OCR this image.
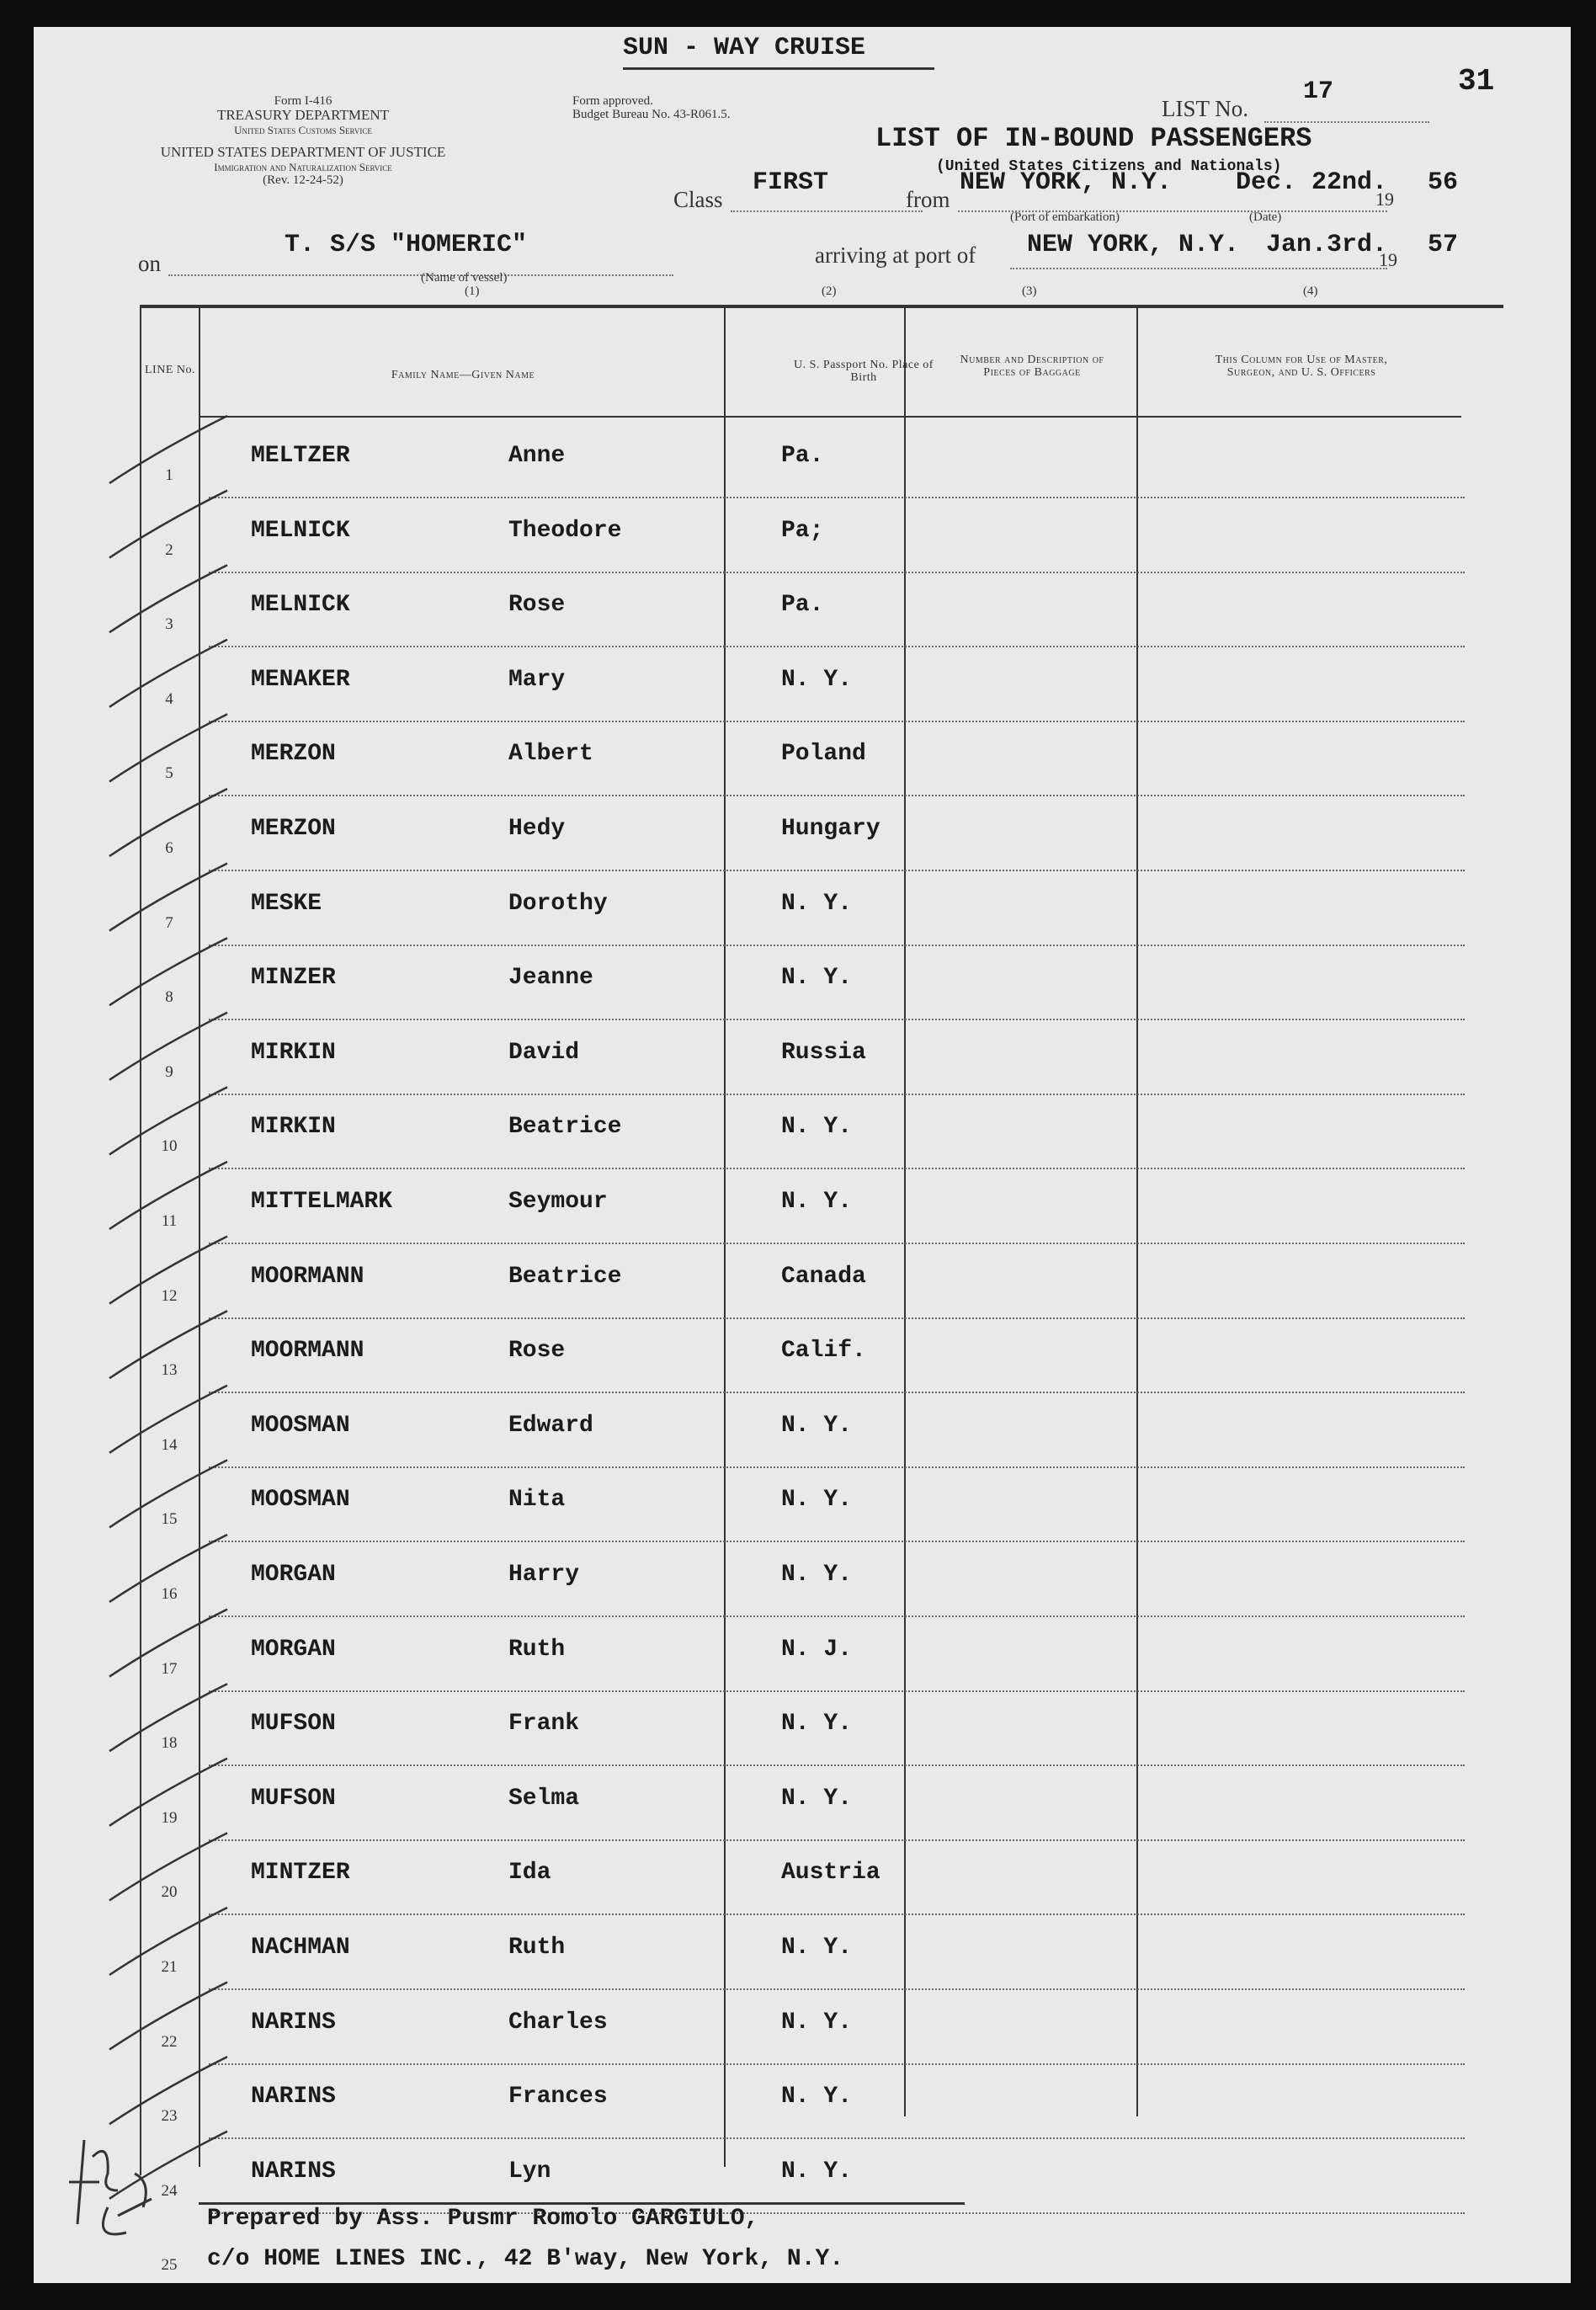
SUN - WAY CRUISE
31
Form I-416
TREASURY DEPARTMENT
United States Customs Service
UNITED STATES DEPARTMENT OF JUSTICE
Immigration and Naturalization Service
(Rev. 12-24-52)
Form approved.
Budget Bureau No. 43-R061.5.	LIST No.
17
LIST OF IN-BOUND PASSENGERS
(United States Citizens and Nationals)
Class
FIRST
from
NEW YORK, N.Y.	Dec. 22nd.
19
56
(Port of embarkation)	(Date)
on
T. S/S "HOMERIC"	arriving at port of NEW YORK, N.Y. Jan.3rd.
19
57
(Name of vessel)
(1)	(2)	(3)	(4)
LINE No.	Family Name—Given Name
U. S. Passport No. Place of Birth
Number and Description of Pieces of Baggage
This Column for Use of Master, Surgeon, and U. S. Officers
1
MELTZER	Anne	Pa.
2
MELNICK	Theodore	Pa;
3
MELNICK	Rose	Pa.
4
MENAKER	Mary	N. Y.
5
MERZON	Albert	Poland
6
MERZON	Hedy	Hungary
7
MESKE	Dorothy	N. Y.
8
MINZER	Jeanne	N. Y.
9
MIRKIN	David	Russia
10
MIRKIN	Beatrice	N. Y.
11
MITTELMARK	Seymour	N. Y.
12
MOORMANN	Beatrice	Canada
13
MOORMANN	Rose	Calif.
14
MOOSMAN	Edward	N. Y.
15
MOOSMAN	Nita	N. Y.
16
MORGAN	Harry	N. Y.
17
MORGAN	Ruth	N. J.
18
MUFSON	Frank	N. Y.
19
MUFSON	Selma	N. Y.
20
MINTZER	Ida	Austria
21
NACHMAN	Ruth	N. Y.
22
NARINS	Charles	N. Y.
23
NARINS	Frances	N. Y.
24
NARINS	Lyn	N. Y.
25
Prepared by Ass. Pusmr Romolo GARGIULO,
c/o HOME LINES INC., 42 B'way, New York, N.Y.
